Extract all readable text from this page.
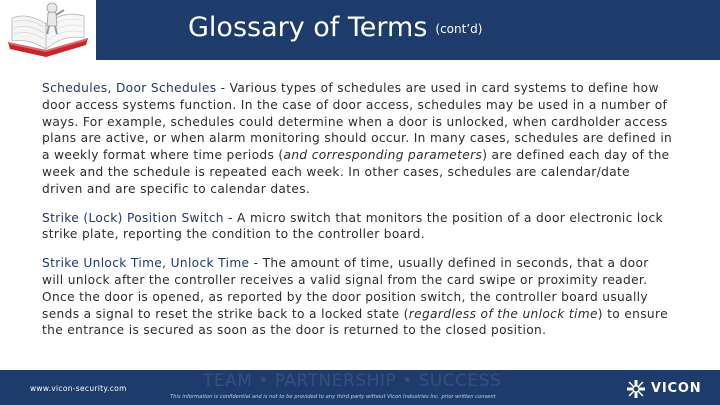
Glossary of Terms (cont’d)

Schedules, Door Schedules - Various types of schedules are used in card systems to define how door access systems function. In the case of door access, schedules may be used in a number of ways. For example, schedules could determine when a door is unlocked, when cardholder access plans are active, or when alarm monitoring should occur. In many cases, schedules are defined in a weekly format where time periods (and corresponding parameters) are defined each day of the week and the schedule is repeated each week. In other cases, schedules are calendar/date driven and are specific to calendar dates.

Strike (Lock) Position Switch - A micro switch that monitors the position of a door electronic lock strike plate, reporting the condition to the controller board.

Strike Unlock Time, Unlock Time - The amount of time, usually defined in seconds, that a door will unlock after the controller receives a valid signal from the card swipe or proximity reader. Once the door is opened, as reported by the door position switch, the controller board usually sends a signal to reset the strike back to a locked state (regardless of the unlock time) to ensure the entrance is secured as soon as the door is returned to the closed position.

www.vicon-security.com	TEAM • PARTNERSHIP • SUCCESS
This information is confidential and is not to be provided to any third party without Vicon Industries Inc. prior written consent
VICON
